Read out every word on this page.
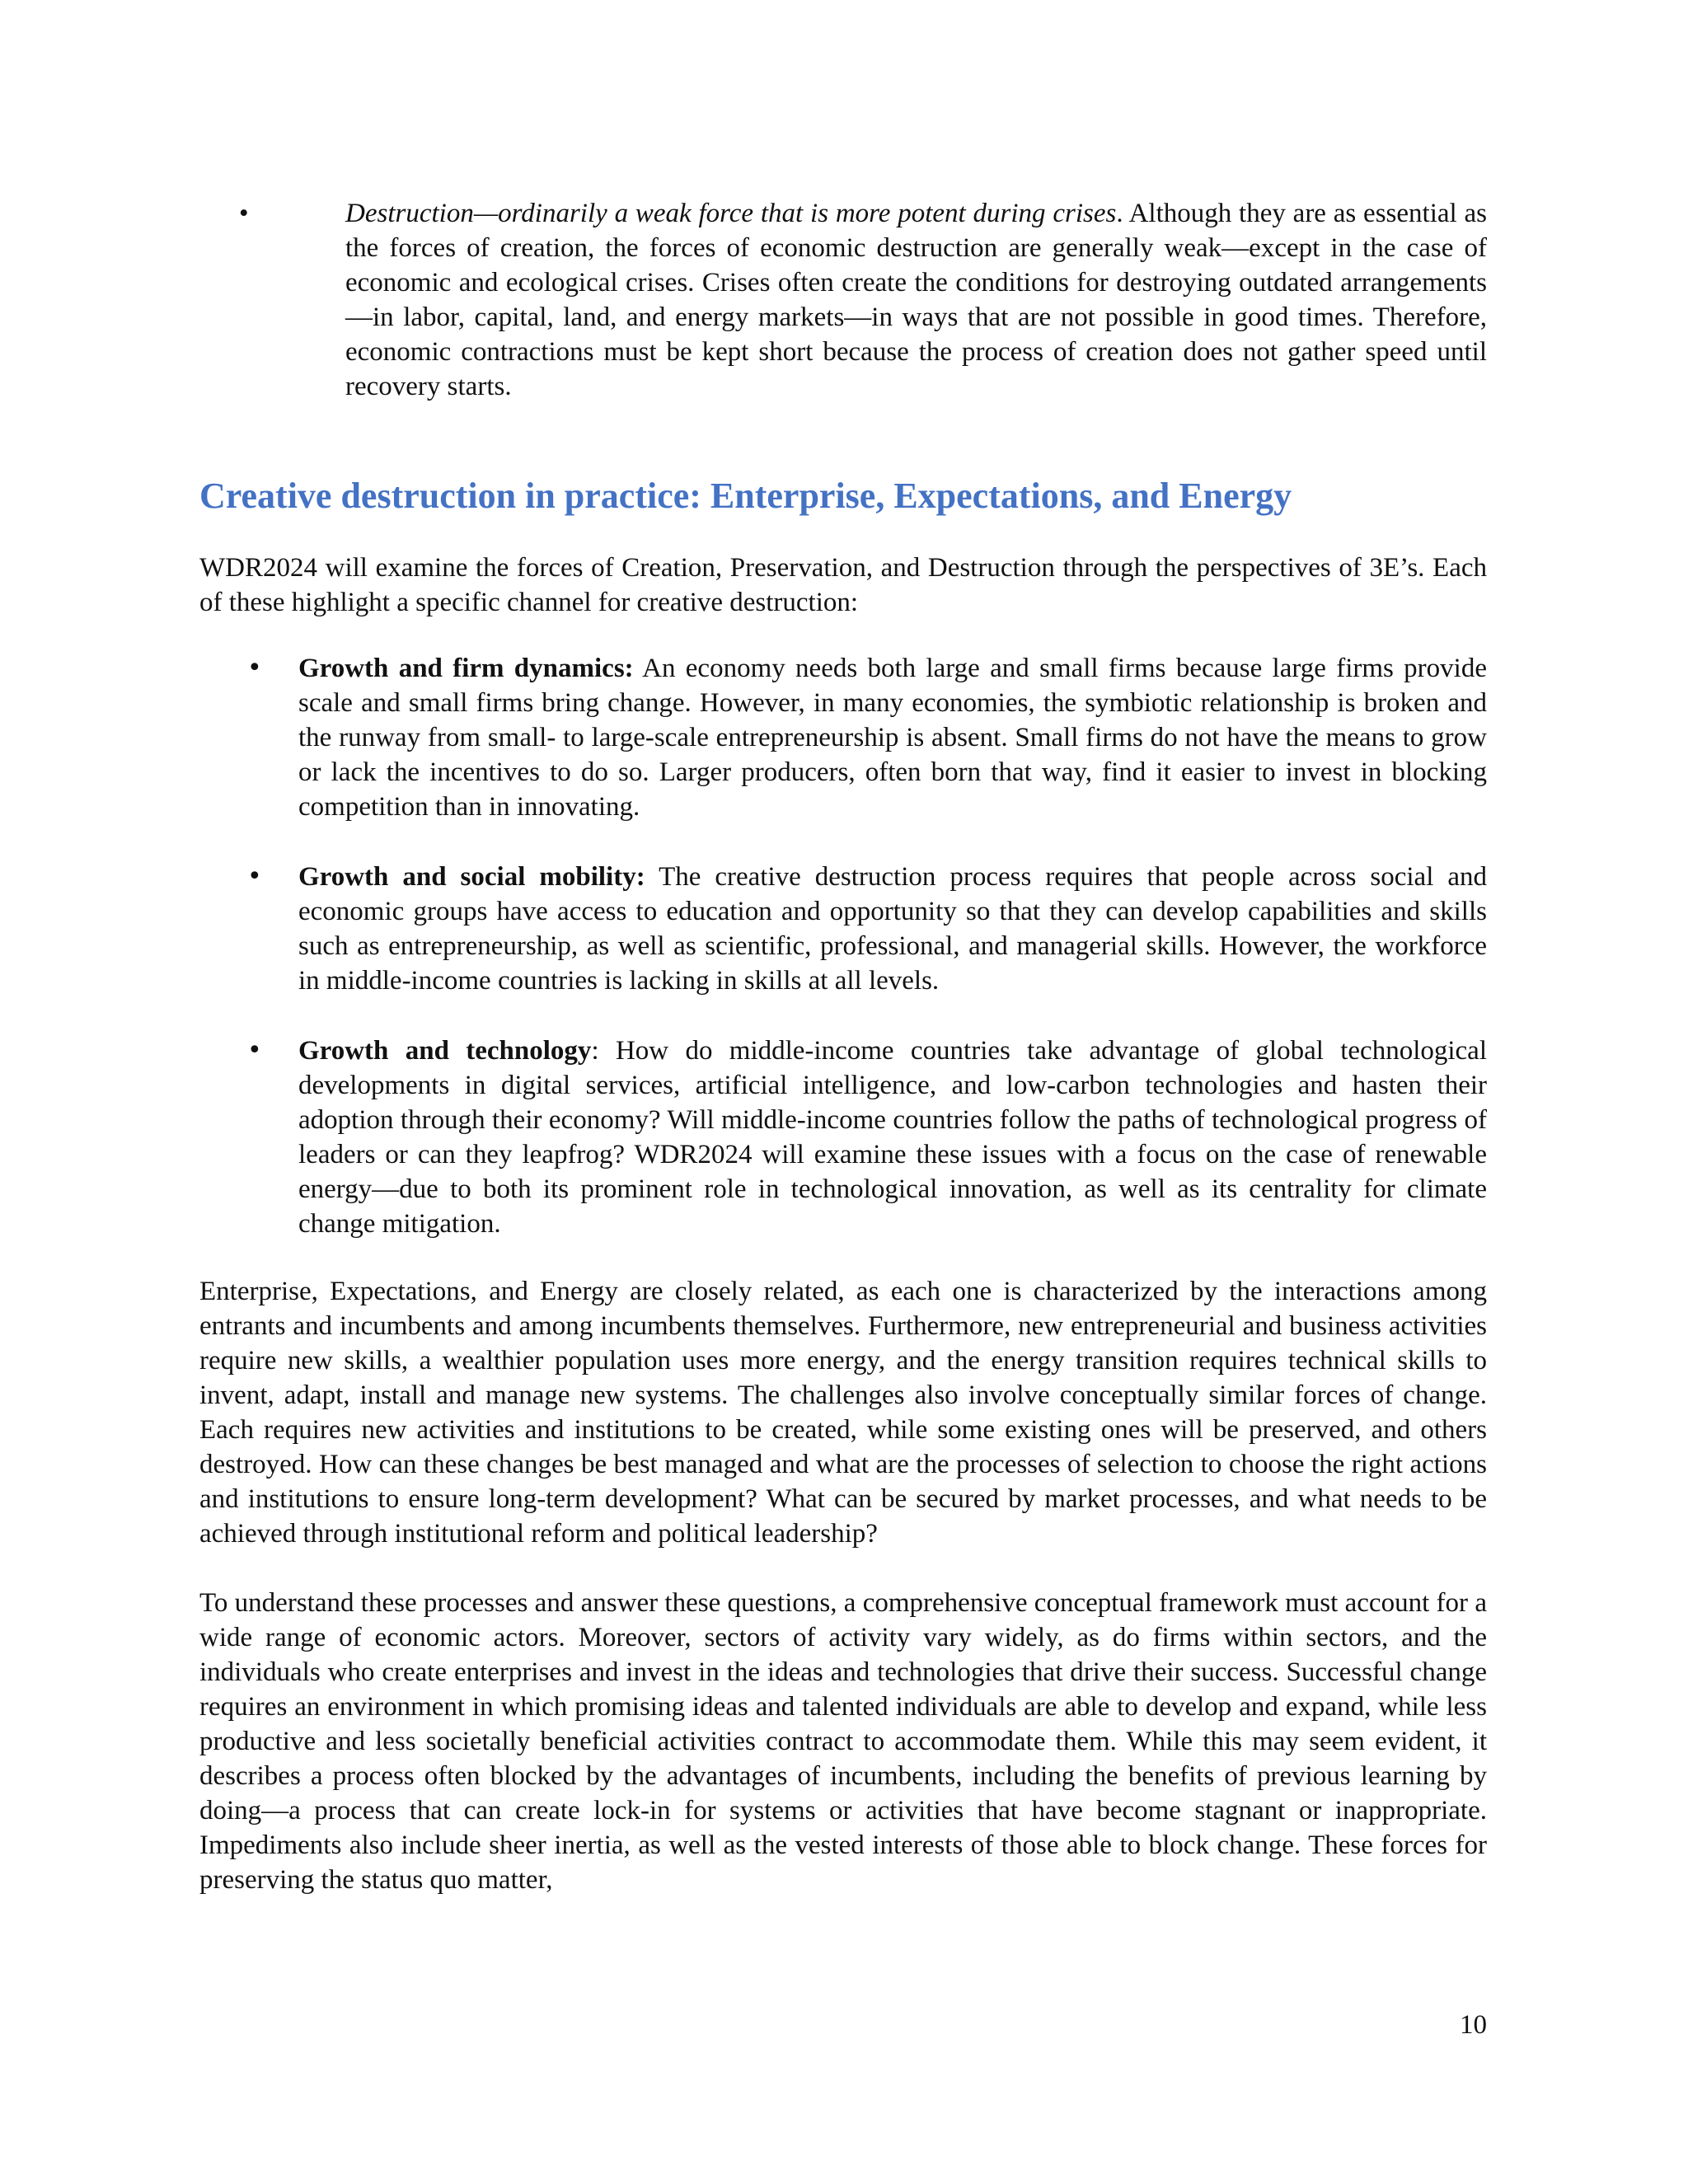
•	Destruction—ordinarily a weak force that is more potent during crises. Although they are as essential as the forces of creation, the forces of economic destruction are generally weak—except in the case of economic and ecological crises. Crises often create the conditions for destroying outdated arrangements—in labor, capital, land, and energy markets—in ways that are not possible in good times. Therefore, economic contractions must be kept short because the process of creation does not gather speed until recovery starts.

Creative destruction in practice: Enterprise, Expectations, and Energy

WDR2024 will examine the forces of Creation, Preservation, and Destruction through the perspectives of 3E’s. Each of these highlight a specific channel for creative destruction:

• Growth and firm dynamics: An economy needs both large and small firms because large firms provide scale and small firms bring change. However, in many economies, the symbiotic relationship is broken and the runway from small- to large-scale entrepreneurship is absent. Small firms do not have the means to grow or lack the incentives to do so. Larger producers, often born that way, find it easier to invest in blocking competition than in innovating.
• Growth and social mobility: The creative destruction process requires that people across social and economic groups have access to education and opportunity so that they can develop capabilities and skills such as entrepreneurship, as well as scientific, professional, and managerial skills. However, the workforce in middle-income countries is lacking in skills at all levels.
• Growth and technology: How do middle-income countries take advantage of global technological developments in digital services, artificial intelligence, and low-carbon technologies and hasten their adoption through their economy? Will middle-income countries follow the paths of technological progress of leaders or can they leapfrog? WDR2024 will examine these issues with a focus on the case of renewable energy—due to both its prominent role in technological innovation, as well as its centrality for climate change mitigation.

Enterprise, Expectations, and Energy are closely related, as each one is characterized by the interactions among entrants and incumbents and among incumbents themselves. Furthermore, new entrepreneurial and business activities require new skills, a wealthier population uses more energy, and the energy transition requires technical skills to invent, adapt, install and manage new systems. The challenges also involve conceptually similar forces of change. Each requires new activities and institutions to be created, while some existing ones will be preserved, and others destroyed. How can these changes be best managed and what are the processes of selection to choose the right actions and institutions to ensure long-term development? What can be secured by market processes, and what needs to be achieved through institutional reform and political leadership?

To understand these processes and answer these questions, a comprehensive conceptual framework must account for a wide range of economic actors. Moreover, sectors of activity vary widely, as do firms within sectors, and the individuals who create enterprises and invest in the ideas and technologies that drive their success. Successful change requires an environment in which promising ideas and talented individuals are able to develop and expand, while less productive and less societally beneficial activities contract to accommodate them. While this may seem evident, it describes a process often blocked by the advantages of incumbents, including the benefits of previous learning by doing—a process that can create lock-in for systems or activities that have become stagnant or inappropriate. Impediments also include sheer inertia, as well as the vested interests of those able to block change. These forces for preserving the status quo matter,

10
